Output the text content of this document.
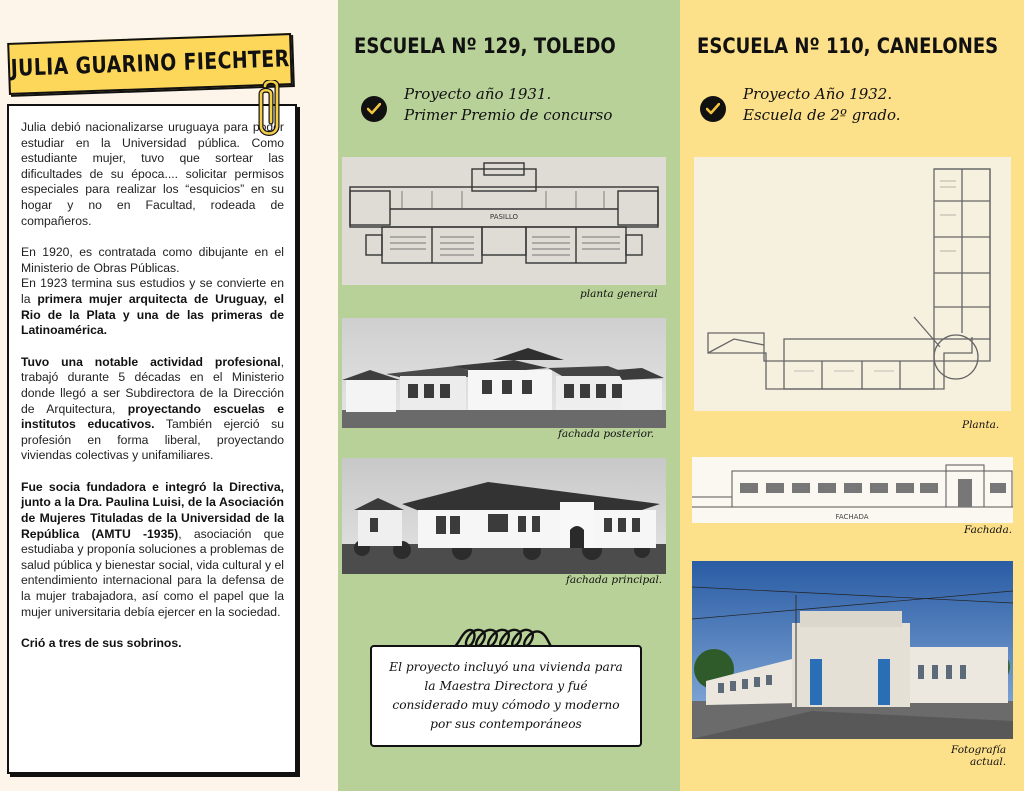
JULIA GUARINO FIECHTER

Julia debió nacionalizarse uruguaya para poder estudiar en la Universidad pública. Como estudiante mujer, tuvo que sortear las dificultades de su época.... solicitar permisos especiales para realizar los “esquicios” en su hogar y no en Facultad, rodeada de compañeros.

En 1920, es contratada como dibujante en el Ministerio de Obras Públicas.
En 1923 termina sus estudios y se convierte en la primera mujer arquitecta de Uruguay, el Rio de la Plata y una de las primeras de Latinoamérica.

Tuvo una notable actividad profesional, trabajó durante 5 décadas en el Ministerio donde llegó a ser Subdirectora de la Dirección de Arquitectura, proyectando escuelas e institutos educativos. También ejerció su profesión en forma liberal, proyectando viviendas colectivas y unifamiliares.

Fue socia fundadora e integró la Directiva, junto a la Dra. Paulina Luisi, de la Asociación de Mujeres Tituladas de la Universidad de la República (AMTU -1935), asociación que estudiaba y proponía soluciones a problemas de salud pública y bienestar social, vida cultural y el entendimiento internacional para la defensa de la mujer trabajadora, así como el papel que la mujer universitaria debía ejercer en la sociedad.

Crió a tres de sus sobrinos.

ESCUELA Nº 129, TOLEDO
Proyecto año 1931.
Primer Premio de concurso
PASILLO
planta general
fachada posterior.
fachada principal.
El proyecto incluyó una vivienda para la Maestra Directora y fué considerado muy cómodo y moderno por sus contemporáneos
ESCUELA Nº 110, CANELONES
Proyecto Año 1932.
Escuela de 2º grado.
Planta.
FACHADA
Fachada.
Fotografía
actual.
